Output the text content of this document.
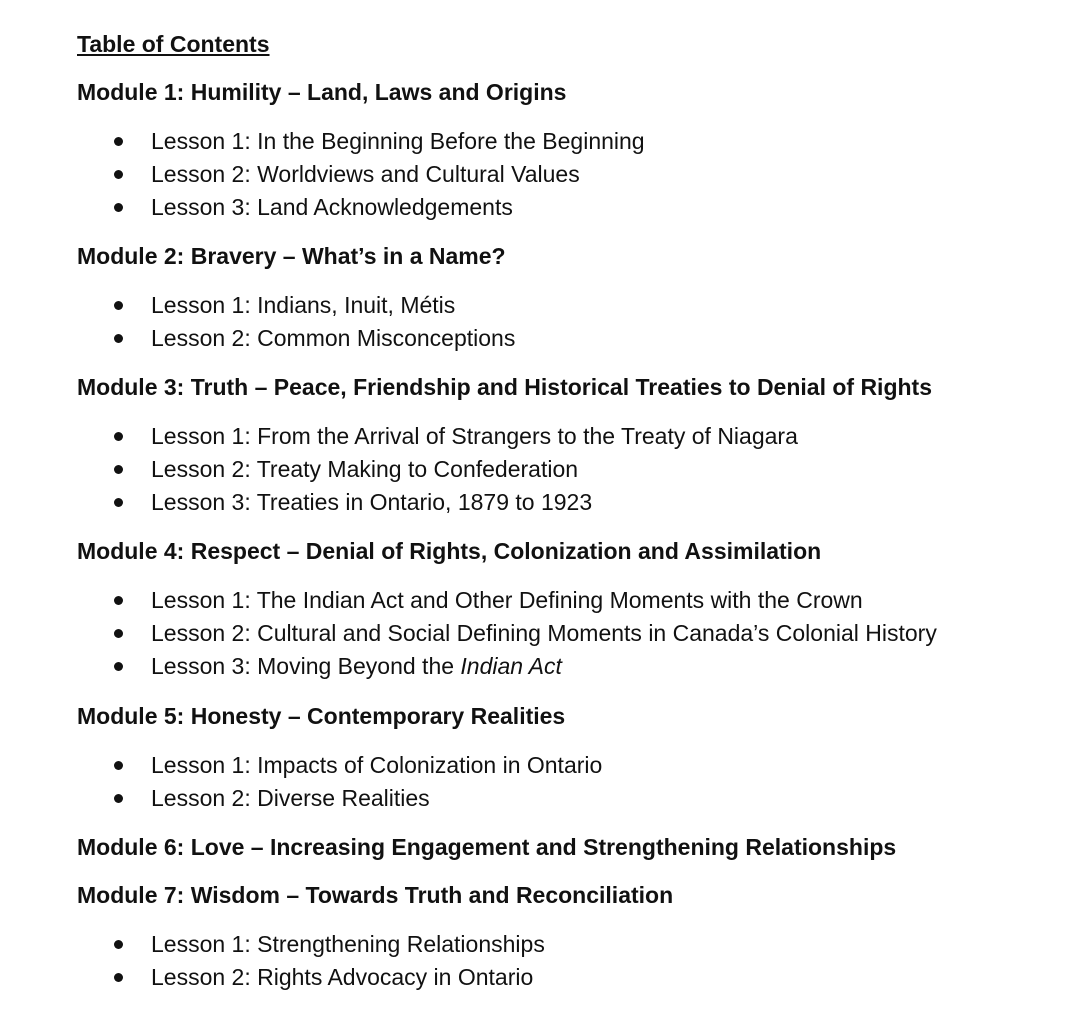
Table of Contents
Module 1: Humility – Land, Laws and Origins
Lesson 1: In the Beginning Before the Beginning
Lesson 2: Worldviews and Cultural Values
Lesson 3: Land Acknowledgements
Module 2: Bravery – What’s in a Name?
Lesson 1: Indians, Inuit, Métis
Lesson 2: Common Misconceptions
Module 3: Truth – Peace, Friendship and Historical Treaties to Denial of Rights
Lesson 1: From the Arrival of Strangers to the Treaty of Niagara
Lesson 2: Treaty Making to Confederation
Lesson 3: Treaties in Ontario, 1879 to 1923
Module 4: Respect – Denial of Rights, Colonization and Assimilation
Lesson 1: The Indian Act and Other Defining Moments with the Crown
Lesson 2: Cultural and Social Defining Moments in Canada’s Colonial History
Lesson 3: Moving Beyond the Indian Act
Module 5: Honesty – Contemporary Realities
Lesson 1: Impacts of Colonization in Ontario
Lesson 2: Diverse Realities
Module 6: Love – Increasing Engagement and Strengthening Relationships
Module 7: Wisdom – Towards Truth and Reconciliation
Lesson 1: Strengthening Relationships
Lesson 2: Rights Advocacy in Ontario
